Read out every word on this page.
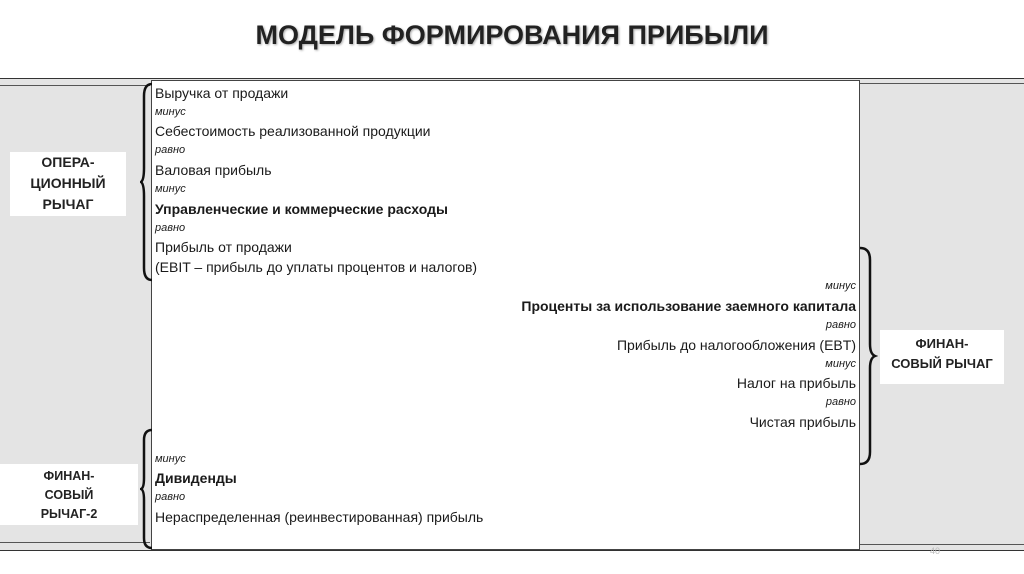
МОДЕЛЬ ФОРМИРОВАНИЯ ПРИБЫЛИ
ОПЕРА-
ЦИОННЫЙ
РЫЧАГ
ФИНАН-
СОВЫЙ
РЫЧАГ-2
ФИНАН-
СОВЫЙ РЫЧАГ
Выручка от продажи
минус
Себестоимость реализованной продукции
равно
Валовая прибыль
минус
Управленческие и коммерческие расходы
равно
Прибыль от продажи
(EBIT – прибыль до уплаты процентов и налогов)
минус
Проценты за использование заемного капитала
равно
Прибыль до налогообложения (EBT)
минус
Налог на прибыль
равно
Чистая прибыль
минус
Дивиденды
равно
Нераспределенная (реинвестированная) прибыль
40
